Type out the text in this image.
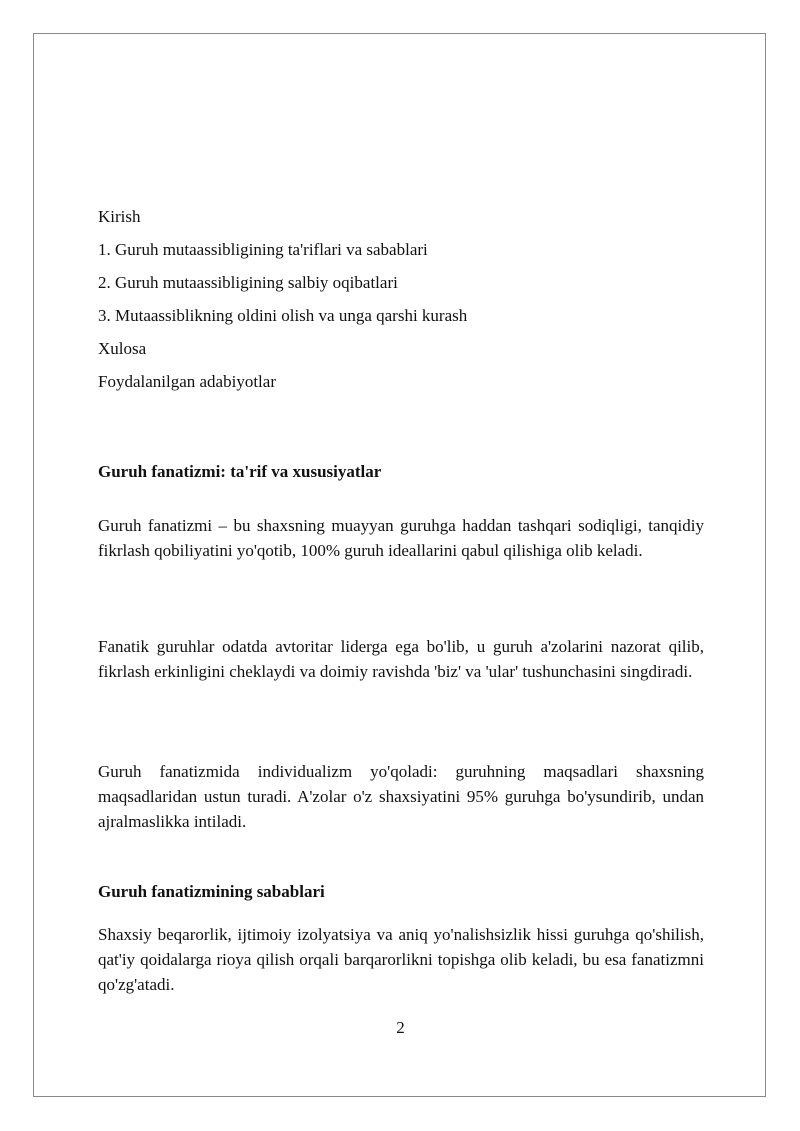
Kirish
1. Guruh mutaassibligining ta'riflari va sabablari
2. Guruh mutaassibligining salbiy oqibatlari
3. Mutaassiblikning oldini olish va unga qarshi kurash
Xulosa
Foydalanilgan adabiyotlar
Guruh fanatizmi: ta'rif va xususiyatlar
Guruh fanatizmi – bu shaxsning muayyan guruhga haddan tashqari sodiqligi, tanqidiy fikrlash qobiliyatini yo'qotib, 100% guruh ideallarini qabul qilishiga olib keladi.
Fanatik guruhlar odatda avtoritar liderga ega bo'lib, u guruh a'zolarini nazorat qilib, fikrlash erkinligini cheklaydi va doimiy ravishda 'biz' va 'ular' tushunchasini singdiradi.
Guruh fanatizmida individualizm yo'qoladi: guruhning maqsadlari shaxsning maqsadlaridan ustun turadi. A'zolar o'z shaxsiyatini 95% guruhga bo'ysundirib, undan ajralmaslikka intiladi.
Guruh fanatizmining sabablari
Shaxsiy beqarorlik, ijtimoiy izolyatsiya va aniq yo'nalishsizlik hissi guruhga qo'shilish, qat'iy qoidalarga rioya qilish orqali barqarorlikni topishga olib keladi, bu esa fanatizmni qo'zg'atadi.
2
